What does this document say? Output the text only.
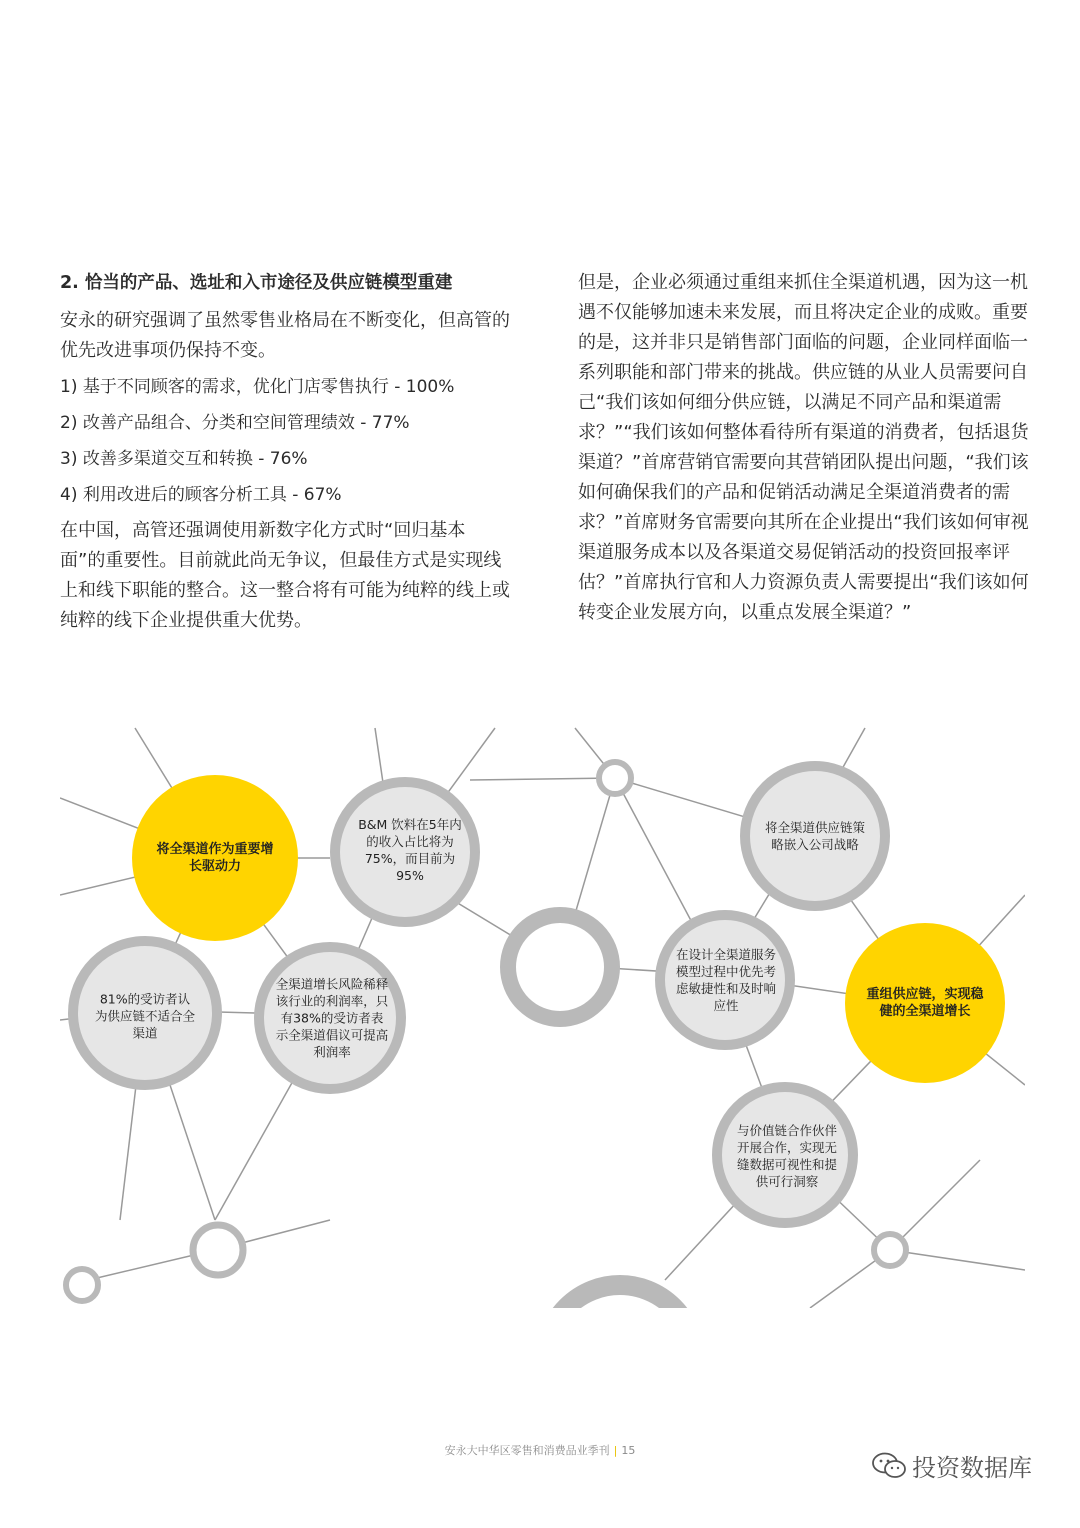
2. 恰当的产品、选址和入市途径及供应链模型重建

安永的研究强调了虽然零售业格局在不断变化，但高管的优先改进事项仍保持不变。

1) 基于不同顾客的需求，优化门店零售执行 - 100%

2) 改善产品组合、分类和空间管理绩效 - 77%

3) 改善多渠道交互和转换 - 76%

4) 利用改进后的顾客分析工具 - 67%

在中国，高管还强调使用新数字化方式时“回归基本面”的重要性。目前就此尚无争议，但最佳方式是实现线上和线下职能的整合。这一整合将有可能为纯粹的线上或纯粹的线下企业提供重大优势。

但是，企业必须通过重组来抓住全渠道机遇，因为这一机遇不仅能够加速未来发展，而且将决定企业的成败。重要的是，这并非只是销售部门面临的问题，企业同样面临一系列职能和部门带来的挑战。供应链的从业人员需要问自己“我们该如何细分供应链，以满足不同产品和渠道需求？”“我们该如何整体看待所有渠道的消费者，包括退货渠道？”首席营销官需要向其营销团队提出问题，“我们该如何确保我们的产品和促销活动满足全渠道消费者的需求？”首席财务官需要向其所在企业提出“我们该如何审视渠道服务成本以及各渠道交易促销活动的投资回报率评估？”首席执行官和人力资源负责人需要提出“我们该如何转变企业发展方向，以重点发展全渠道？”

将全渠道作为重要增长驱动力
B&M 饮料在5年内的收入占比将为75%，而目前为95%
将全渠道供应链策略嵌入公司战略
81%的受访者认为供应链不适合全渠道
全渠道增长风险稀释该行业的利润率，只有38%的受访者表示全渠道倡议可提高利润率
在设计全渠道服务模型过程中优先考虑敏捷性和及时响应性
重组供应链，实现稳健的全渠道增长
与价值链合作伙伴开展合作，实现无缝数据可视性和提供可行洞察
安永大中华区零售和消费品业季刊 | 15
投资数据库
